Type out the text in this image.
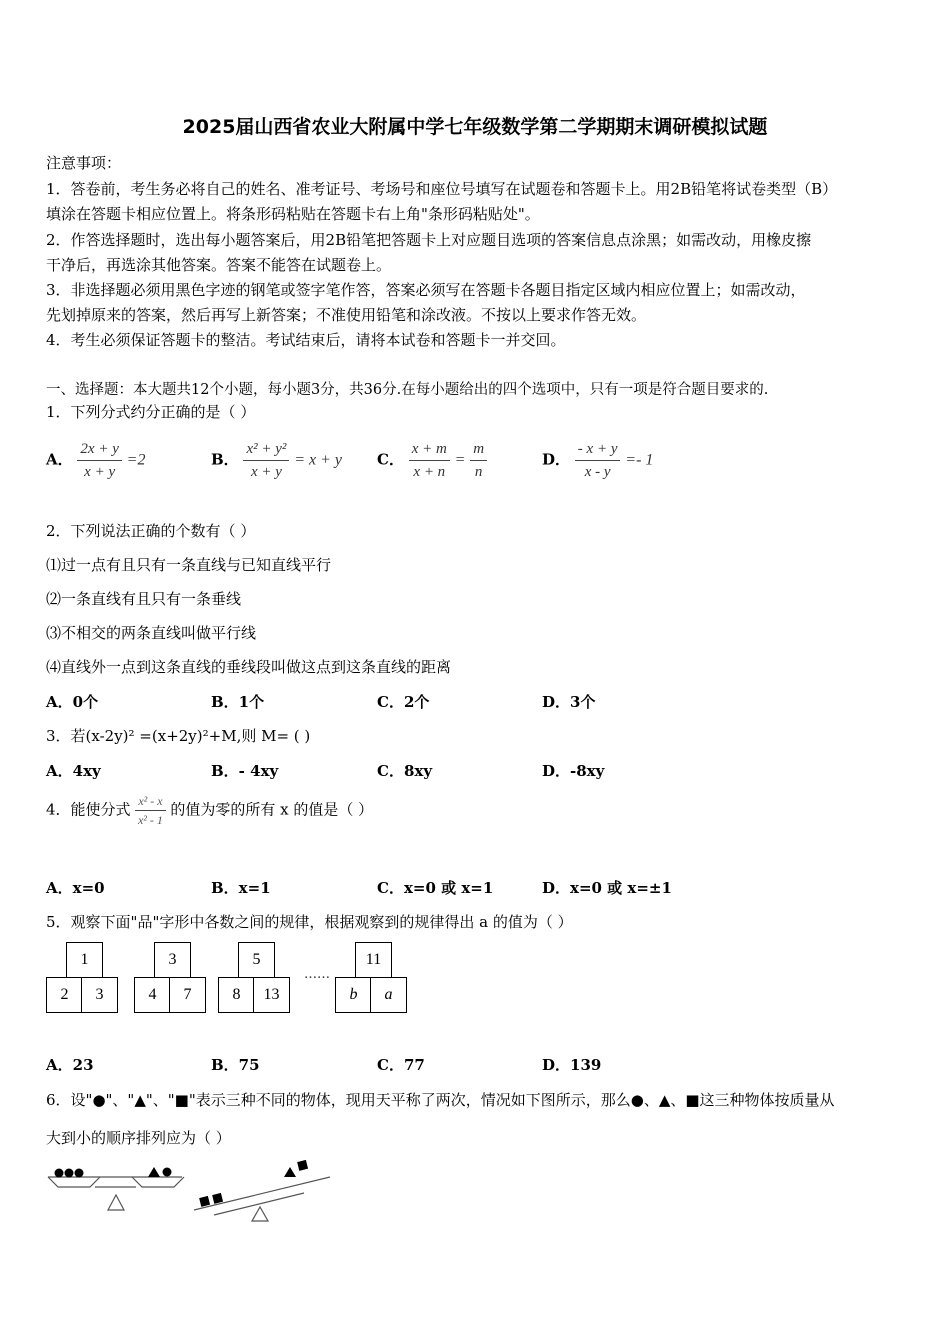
2025届山西省农业大附属中学七年级数学第二学期期末调研模拟试题
注意事项：
1．答卷前，考生务必将自己的姓名、准考证号、考场号和座位号填写在试题卷和答题卡上。用2B铅笔将试卷类型（B）
填涂在答题卡相应位置上。将条形码粘贴在答题卡右上角"条形码粘贴处"。
2．作答选择题时，选出每小题答案后，用2B铅笔把答题卡上对应题目选项的答案信息点涂黑；如需改动，用橡皮擦
干净后，再选涂其他答案。答案不能答在试题卷上。
3．非选择题必须用黑色字迹的钢笔或签字笔作答，答案必须写在答题卡各题目指定区域内相应位置上；如需改动，
先划掉原来的答案，然后再写上新答案；不准使用铅笔和涂改液。不按以上要求作答无效。
4．考生必须保证答题卡的整洁。考试结束后，请将本试卷和答题卡一并交回。
一、选择题：本大题共12个小题，每小题3分，共36分.在每小题给出的四个选项中，只有一项是符合题目要求的.
1．下列分式约分正确的是（ ）
A． $\frac{2x + y}{x + y} =2$	B． $\frac{\text{x² + y²}}{x + y} = x + y$ C． $\frac{x + m}{x + n} = \frac{m}{n}$	D． $\frac{- x + y}{x - y} =- 1$
2．下列说法正确的个数有（ ）
⑴过一点有且只有一条直线与已知直线平行
⑵一条直线有且只有一条垂线
⑶不相交的两条直线叫做平行线
⑷直线外一点到这条直线的垂线段叫做这点到这条直线的距离
A．0个	B．1个	C．2个	D．3个
3．若(x-2y)² =(x+2y)²+M,则 M= ( )
A．4xy	B．- 4xy	C．8xy	D．-8xy
4．能使分式 $\frac{\text{x² - x}}{\text{x² - 1}}$ 的值为零的所有 x 的值是（ ）
A．x=0	B．x=1	C．x=0 或 x=1	D．x=0 或 x=±1
5．观察下面"品"字形中各数之间的规律，根据观察到的规律得出 a 的值为（ ）
1
2	3
3
4	7
5
8	13
……
11
b	a
A．23	B．75	C．77	D．139
6．设"●"、"▲"、"■"表示三种不同的物体，现用天平称了两次，情况如下图所示，那么●、▲、■这三种物体按质量从
大到小的顺序排列应为（ ）
